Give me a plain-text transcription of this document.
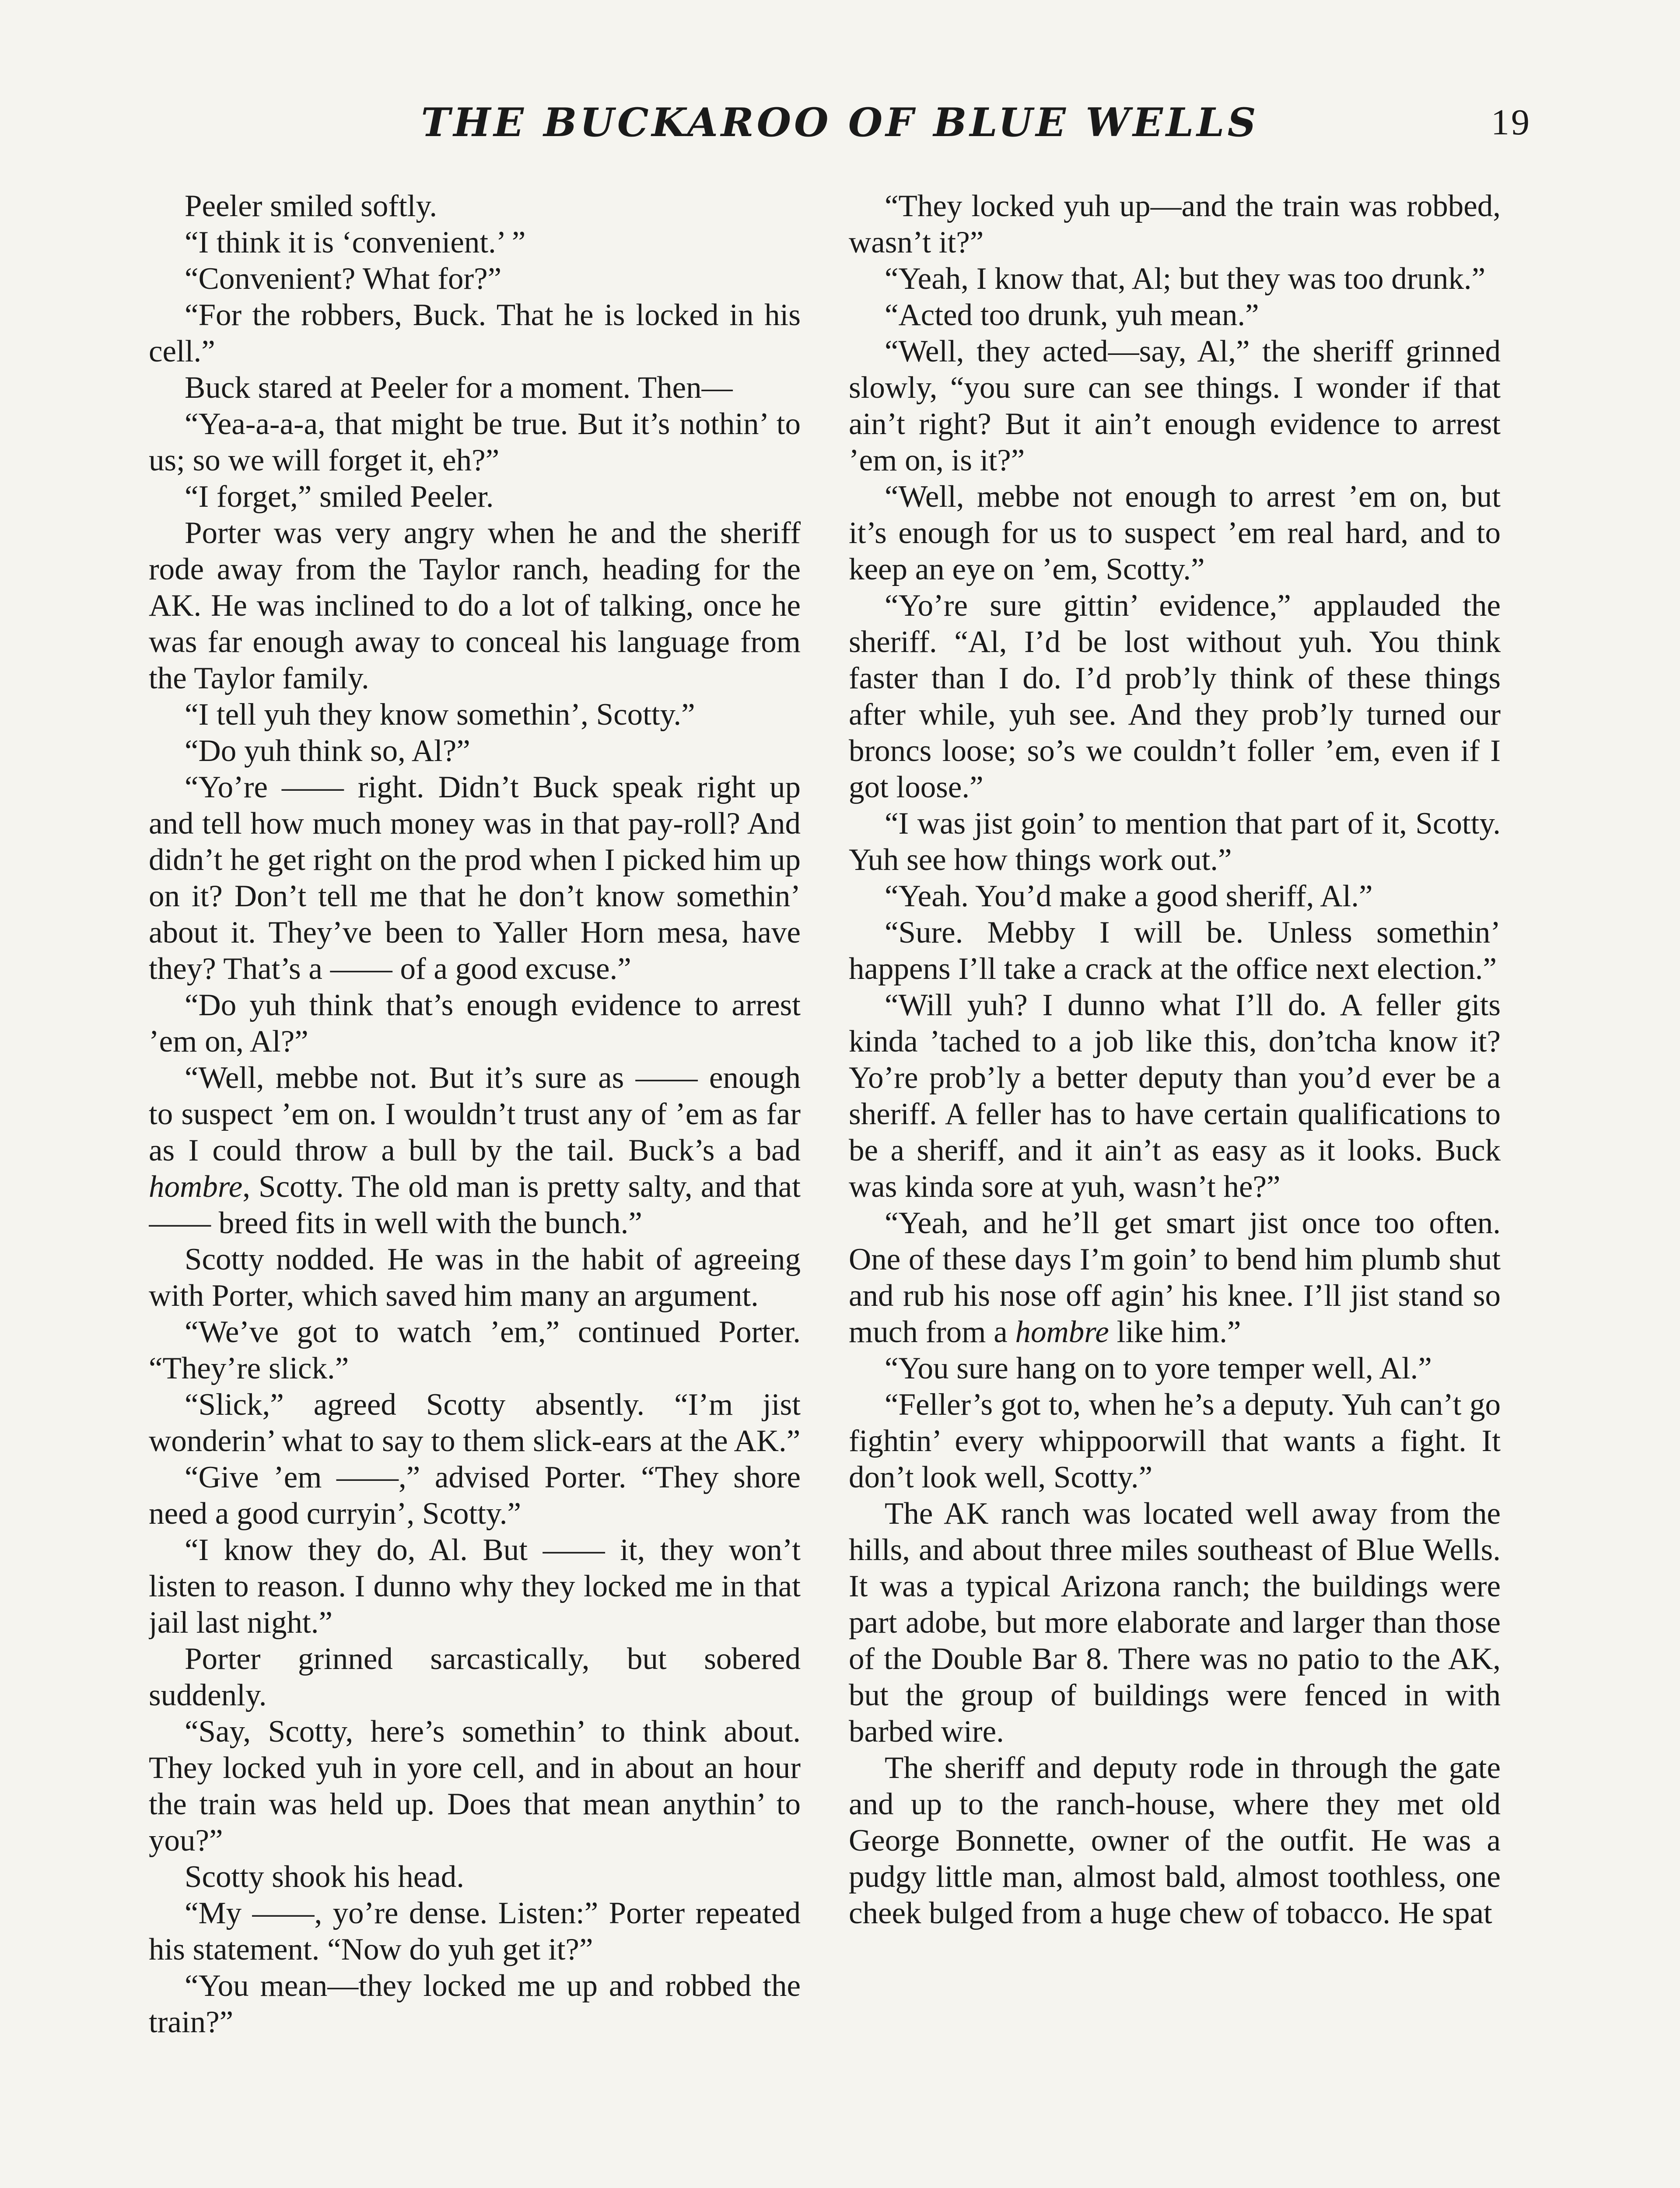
THE BUCKAROO OF BLUE WELLS	19

Peeler smiled softly.

“I think it is ‘convenient.’ ”

“Convenient? What for?”

“For the robbers, Buck. That he is locked in his cell.”

Buck stared at Peeler for a moment. Then—

“Yea-a-a-a, that might be true. But it’s nothin’ to us; so we will forget it, eh?”

“I forget,” smiled Peeler.

Porter was very angry when he and the sheriff rode away from the Taylor ranch, heading for the AK. He was inclined to do a lot of talking, once he was far enough away to conceal his language from the Taylor family.

“I tell yuh they know somethin’, Scotty.”

“Do yuh think so, Al?”

“Yo’re —— right. Didn’t Buck speak right up and tell how much money was in that pay-roll? And didn’t he get right on the prod when I picked him up on it? Don’t tell me that he don’t know somethin’ about it. They’ve been to Yaller Horn mesa, have they? That’s a —— of a good excuse.”

“Do yuh think that’s enough evidence to arrest ’em on, Al?”

“Well, mebbe not. But it’s sure as —— enough to suspect ’em on. I wouldn’t trust any of ’em as far as I could throw a bull by the tail. Buck’s a bad hombre, Scotty. The old man is pretty salty, and that —— breed fits in well with the bunch.”

Scotty nodded. He was in the habit of agreeing with Porter, which saved him many an argument.

“We’ve got to watch ’em,” continued Porter. “They’re slick.”

“Slick,” agreed Scotty absently. “I’m jist wonderin’ what to say to them slick-ears at the AK.”

“Give ’em ——,” advised Porter. “They shore need a good curryin’, Scotty.”

“I know they do, Al. But —— it, they won’t listen to reason. I dunno why they locked me in that jail last night.”

Porter grinned sarcastically, but sobered suddenly.

“Say, Scotty, here’s somethin’ to think about. They locked yuh in yore cell, and in about an hour the train was held up. Does that mean anythin’ to you?”

Scotty shook his head.

“My ——, yo’re dense. Listen:” Porter repeated his statement. “Now do yuh get it?”

“You mean—they locked me up and robbed the train?”

“They locked yuh up—and the train was robbed, wasn’t it?”

“Yeah, I know that, Al; but they was too drunk.”

“Acted too drunk, yuh mean.”

“Well, they acted—say, Al,” the sheriff grinned slowly, “you sure can see things. I wonder if that ain’t right? But it ain’t enough evidence to arrest ’em on, is it?”

“Well, mebbe not enough to arrest ’em on, but it’s enough for us to suspect ’em real hard, and to keep an eye on ’em, Scotty.”

“Yo’re sure gittin’ evidence,” applauded the sheriff. “Al, I’d be lost without yuh. You think faster than I do. I’d prob’ly think of these things after while, yuh see. And they prob’ly turned our broncs loose; so’s we couldn’t foller ’em, even if I got loose.”

“I was jist goin’ to mention that part of it, Scotty. Yuh see how things work out.”

“Yeah. You’d make a good sheriff, Al.”

“Sure. Mebby I will be. Unless somethin’ happens I’ll take a crack at the office next election.”

“Will yuh? I dunno what I’ll do. A feller gits kinda ’tached to a job like this, don’tcha know it? Yo’re prob’ly a better deputy than you’d ever be a sheriff. A feller has to have certain qualifications to be a sheriff, and it ain’t as easy as it looks. Buck was kinda sore at yuh, wasn’t he?”

“Yeah, and he’ll get smart jist once too often. One of these days I’m goin’ to bend him plumb shut and rub his nose off agin’ his knee. I’ll jist stand so much from a hombre like him.”

“You sure hang on to yore temper well, Al.”

“Feller’s got to, when he’s a deputy. Yuh can’t go fightin’ every whippoorwill that wants a fight. It don’t look well, Scotty.”

The AK ranch was located well away from the hills, and about three miles southeast of Blue Wells. It was a typical Arizona ranch; the buildings were part adobe, but more elaborate and larger than those of the Double Bar 8. There was no patio to the AK, but the group of buildings were fenced in with barbed wire.

The sheriff and deputy rode in through the gate and up to the ranch-house, where they met old George Bonnette, owner of the outfit. He was a pudgy little man, almost bald, almost toothless, one cheek bulged from a huge chew of tobacco. He spat
